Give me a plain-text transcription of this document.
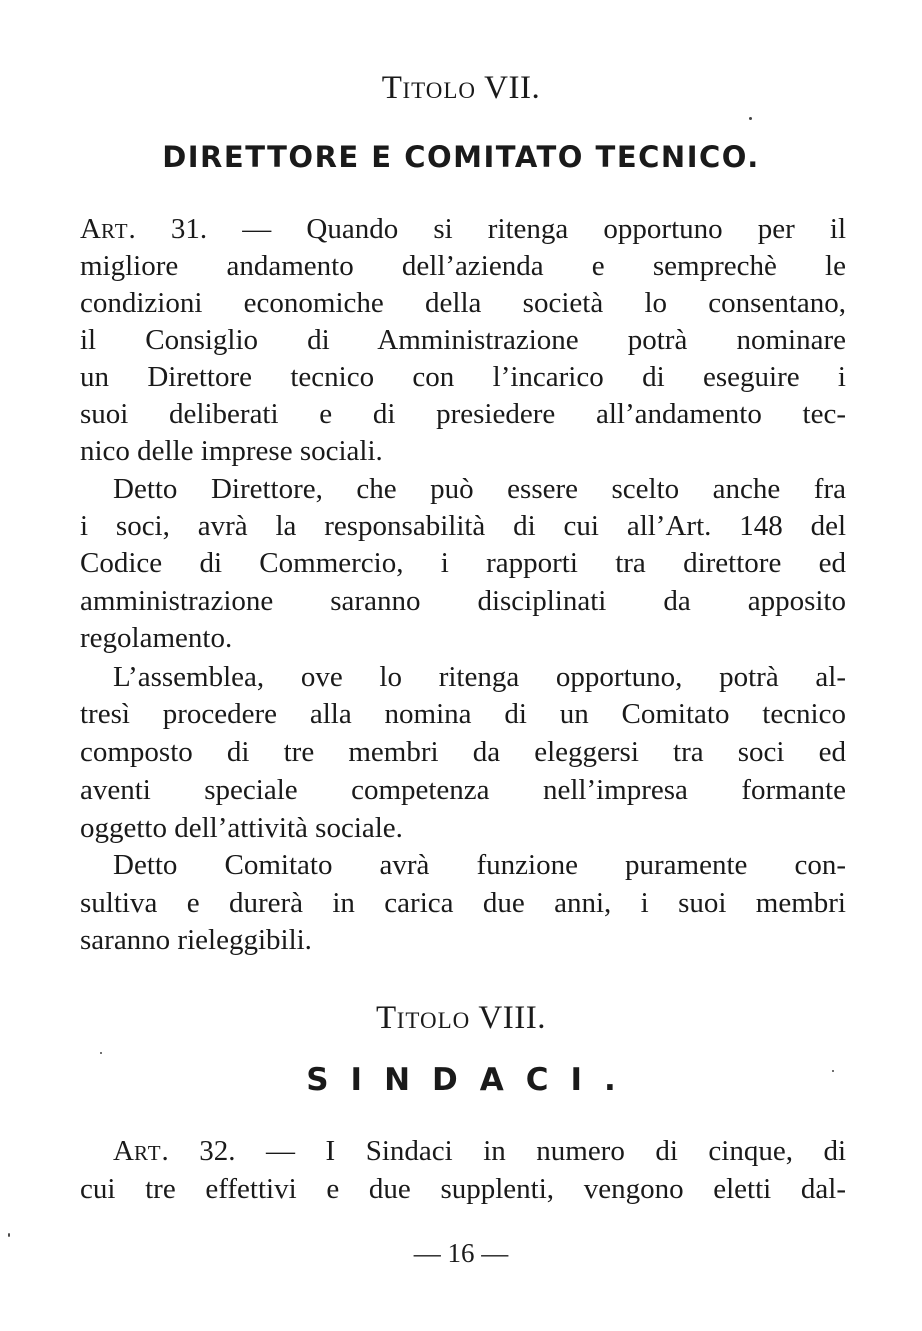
TITOLO VII.
DIRETTORE E COMITATO TECNICO.
ART. 31. — Quando si ritenga opportuno per il
migliore andamento dell’azienda e semprechè le
condizioni economiche della società lo consentano,
il Consiglio di Amministrazione potrà nominare
un Direttore tecnico con l’incarico di eseguire i
suoi deliberati e di presiedere all’andamento tec-
nico delle imprese sociali.
Detto Direttore, che può essere scelto anche fra
i soci, avrà la responsabilità di cui all’Art. 148 del
Codice di Commercio, i rapporti tra direttore ed
amministrazione saranno disciplinati da apposito
regolamento.
L’assemblea, ove lo ritenga opportuno, potrà al-
tresì procedere alla nomina di un Comitato tecnico
composto di tre membri da eleggersi tra soci ed
aventi speciale competenza nell’impresa formante
oggetto dell’attività sociale.
Detto Comitato avrà funzione puramente con-
sultiva e durerà in carica due anni, i suoi membri
saranno rieleggibili.
TITOLO VIII.
SINDACI.
ART. 32. — I Sindaci in numero di cinque, di
cui tre effettivi e due supplenti, vengono eletti dal-
— 16 —
